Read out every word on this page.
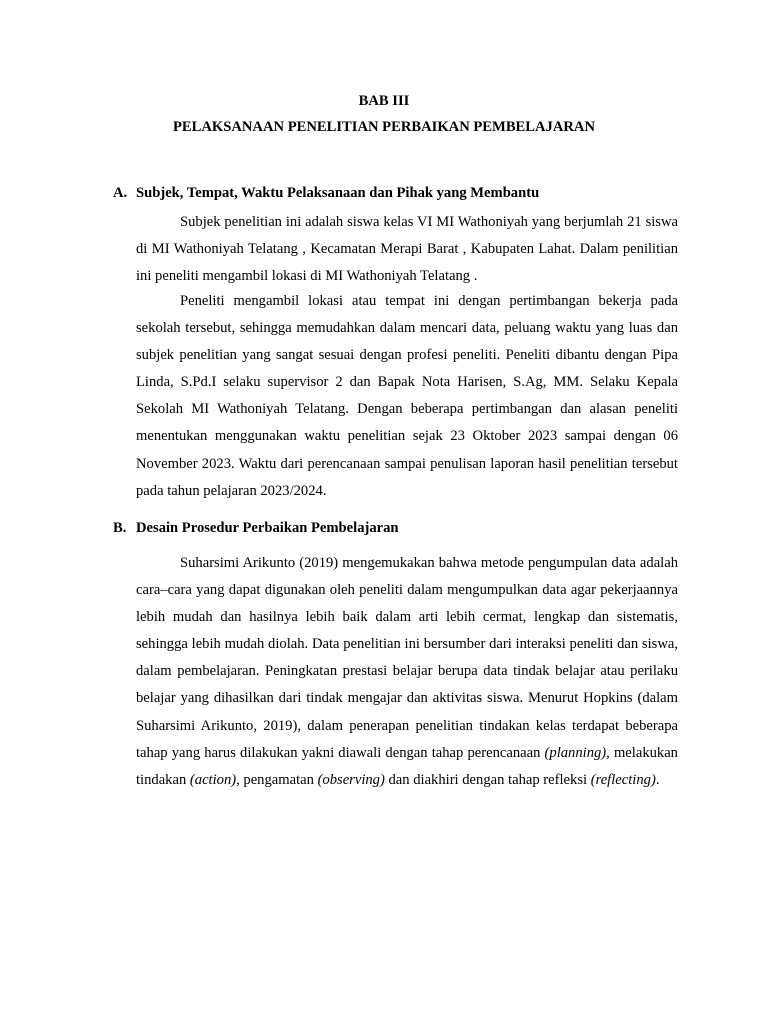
BAB III
PELAKSANAAN PENELITIAN PERBAIKAN PEMBELAJARAN
A. Subjek, Tempat, Waktu Pelaksanaan dan Pihak yang Membantu
Subjek penelitian ini adalah siswa kelas VI MI Wathoniyah yang berjumlah 21 siswa di MI Wathoniyah Telatang , Kecamatan Merapi Barat , Kabupaten Lahat. Dalam penilitian ini peneliti mengambil lokasi di MI Wathoniyah Telatang .
Peneliti mengambil lokasi atau tempat ini dengan pertimbangan bekerja pada sekolah tersebut, sehingga memudahkan dalam mencari data, peluang waktu yang luas dan subjek penelitian yang sangat sesuai dengan profesi peneliti. Peneliti dibantu dengan Pipa Linda, S.Pd.I selaku supervisor 2 dan Bapak Nota Harisen, S.Ag, MM. Selaku Kepala Sekolah MI Wathoniyah Telatang. Dengan beberapa pertimbangan dan alasan peneliti menentukan menggunakan waktu penelitian sejak 23 Oktober 2023 sampai dengan 06 November 2023. Waktu dari perencanaan sampai penulisan laporan hasil penelitian tersebut pada tahun pelajaran 2023/2024.
B. Desain Prosedur Perbaikan Pembelajaran
Suharsimi Arikunto (2019) mengemukakan bahwa metode pengumpulan data adalah cara–cara yang dapat digunakan oleh peneliti dalam mengumpulkan data agar pekerjaannya lebih mudah dan hasilnya lebih baik dalam arti lebih cermat, lengkap dan sistematis, sehingga lebih mudah diolah. Data penelitian ini bersumber dari interaksi peneliti dan siswa, dalam pembelajaran. Peningkatan prestasi belajar berupa data tindak belajar atau perilaku belajar yang dihasilkan dari tindak mengajar dan aktivitas siswa. Menurut Hopkins (dalam Suharsimi Arikunto, 2019), dalam penerapan penelitian tindakan kelas terdapat beberapa tahap yang harus dilakukan yakni diawali dengan tahap perencanaan (planning), melakukan tindakan (action), pengamatan (observing) dan diakhiri dengan tahap refleksi (reflecting).
